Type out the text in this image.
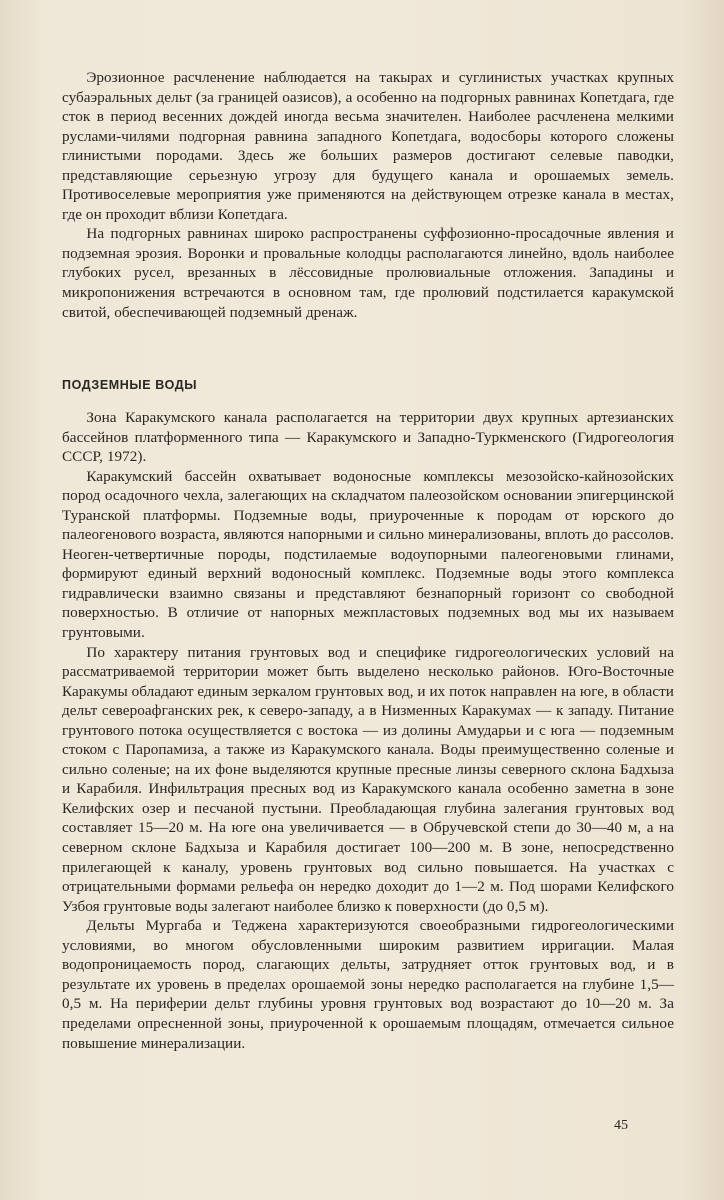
Эрозионное расчленение наблюдается на такырах и суглинистых участках крупных субаэральных дельт (за границей оазисов), а особенно на подгорных равнинах Копетдага, где сток в период весенних дождей иногда весьма значителен. Наиболее расчленена мелкими руслами-чилями подгорная равнина западного Копетдага, водосборы которого сложены глинистыми породами. Здесь же больших размеров достигают селевые паводки, представляющие серьезную угрозу для будущего канала и орошаемых земель. Противоселевые мероприятия уже применяются на действующем отрезке канала в местах, где он проходит вблизи Копетдага.

На подгорных равнинах широко распространены суффозионно-просадочные явления и подземная эрозия. Воронки и провальные колодцы располагаются линейно, вдоль наиболее глубоких русел, врезанных в лёссовидные пролювиальные отложения. Западины и микропонижения встречаются в основном там, где пролювий подстилается каракумской свитой, обеспечивающей подземный дренаж.

ПОДЗЕМНЫЕ ВОДЫ

Зона Каракумского канала располагается на территории двух крупных артезианских бассейнов платформенного типа — Каракумского и Западно-Туркменского (Гидрогеология СССР, 1972).

Каракумский бассейн охватывает водоносные комплексы мезозойско-кайнозойских пород осадочного чехла, залегающих на складчатом палеозойском основании эпигерцинской Туранской платформы. Подземные воды, приуроченные к породам от юрского до палеогенового возраста, являются напорными и сильно минерализованы, вплоть до рассолов. Неоген-четвертичные породы, подстилаемые водоупорными палеогеновыми глинами, формируют единый верхний водоносный комплекс. Подземные воды этого комплекса гидравлически взаимно связаны и представляют безнапорный горизонт со свободной поверхностью. В отличие от напорных межпластовых подземных вод мы их называем грунтовыми.

По характеру питания грунтовых вод и специфике гидрогеологических условий на рассматриваемой территории может быть выделено несколько районов. Юго-Восточные Каракумы обладают единым зеркалом грунтовых вод, и их поток направлен на юге, в области дельт североафганских рек, к северо-западу, а в Низменных Каракумах — к западу. Питание грунтового потока осуществляется с востока — из долины Амударьи и с юга — подземным стоком с Паропамиза, а также из Каракумского канала. Воды преимущественно соленые и сильно соленые; на их фоне выделяются крупные пресные линзы северного склона Бадхыза и Карабиля. Инфильтрация пресных вод из Каракумского канала особенно заметна в зоне Келифских озер и песчаной пустыни. Преобладающая глубина залегания грунтовых вод составляет 15—20 м. На юге она увеличивается — в Обручевской степи до 30—40 м, а на северном склоне Бадхыза и Карабиля достигает 100—200 м. В зоне, непосредственно прилегающей к каналу, уровень грунтовых вод сильно повышается. На участках с отрицательными формами рельефа он нередко доходит до 1—2 м. Под шорами Келифского Узбоя грунтовые воды залегают наиболее близко к поверхности (до 0,5 м).

Дельты Мургаба и Теджена характеризуются своеобразными гидрогеологическими условиями, во многом обусловленными широким развитием ирригации. Малая водопроницаемость пород, слагающих дельты, затрудняет отток грунтовых вод, и в результате их уровень в пределах орошаемой зоны нередко располагается на глубине 1,5—0,5 м. На периферии дельт глубины уровня грунтовых вод возрастают до 10—20 м. За пределами опресненной зоны, приуроченной к орошаемым площадям, отмечается сильное повышение минерализации.

45
